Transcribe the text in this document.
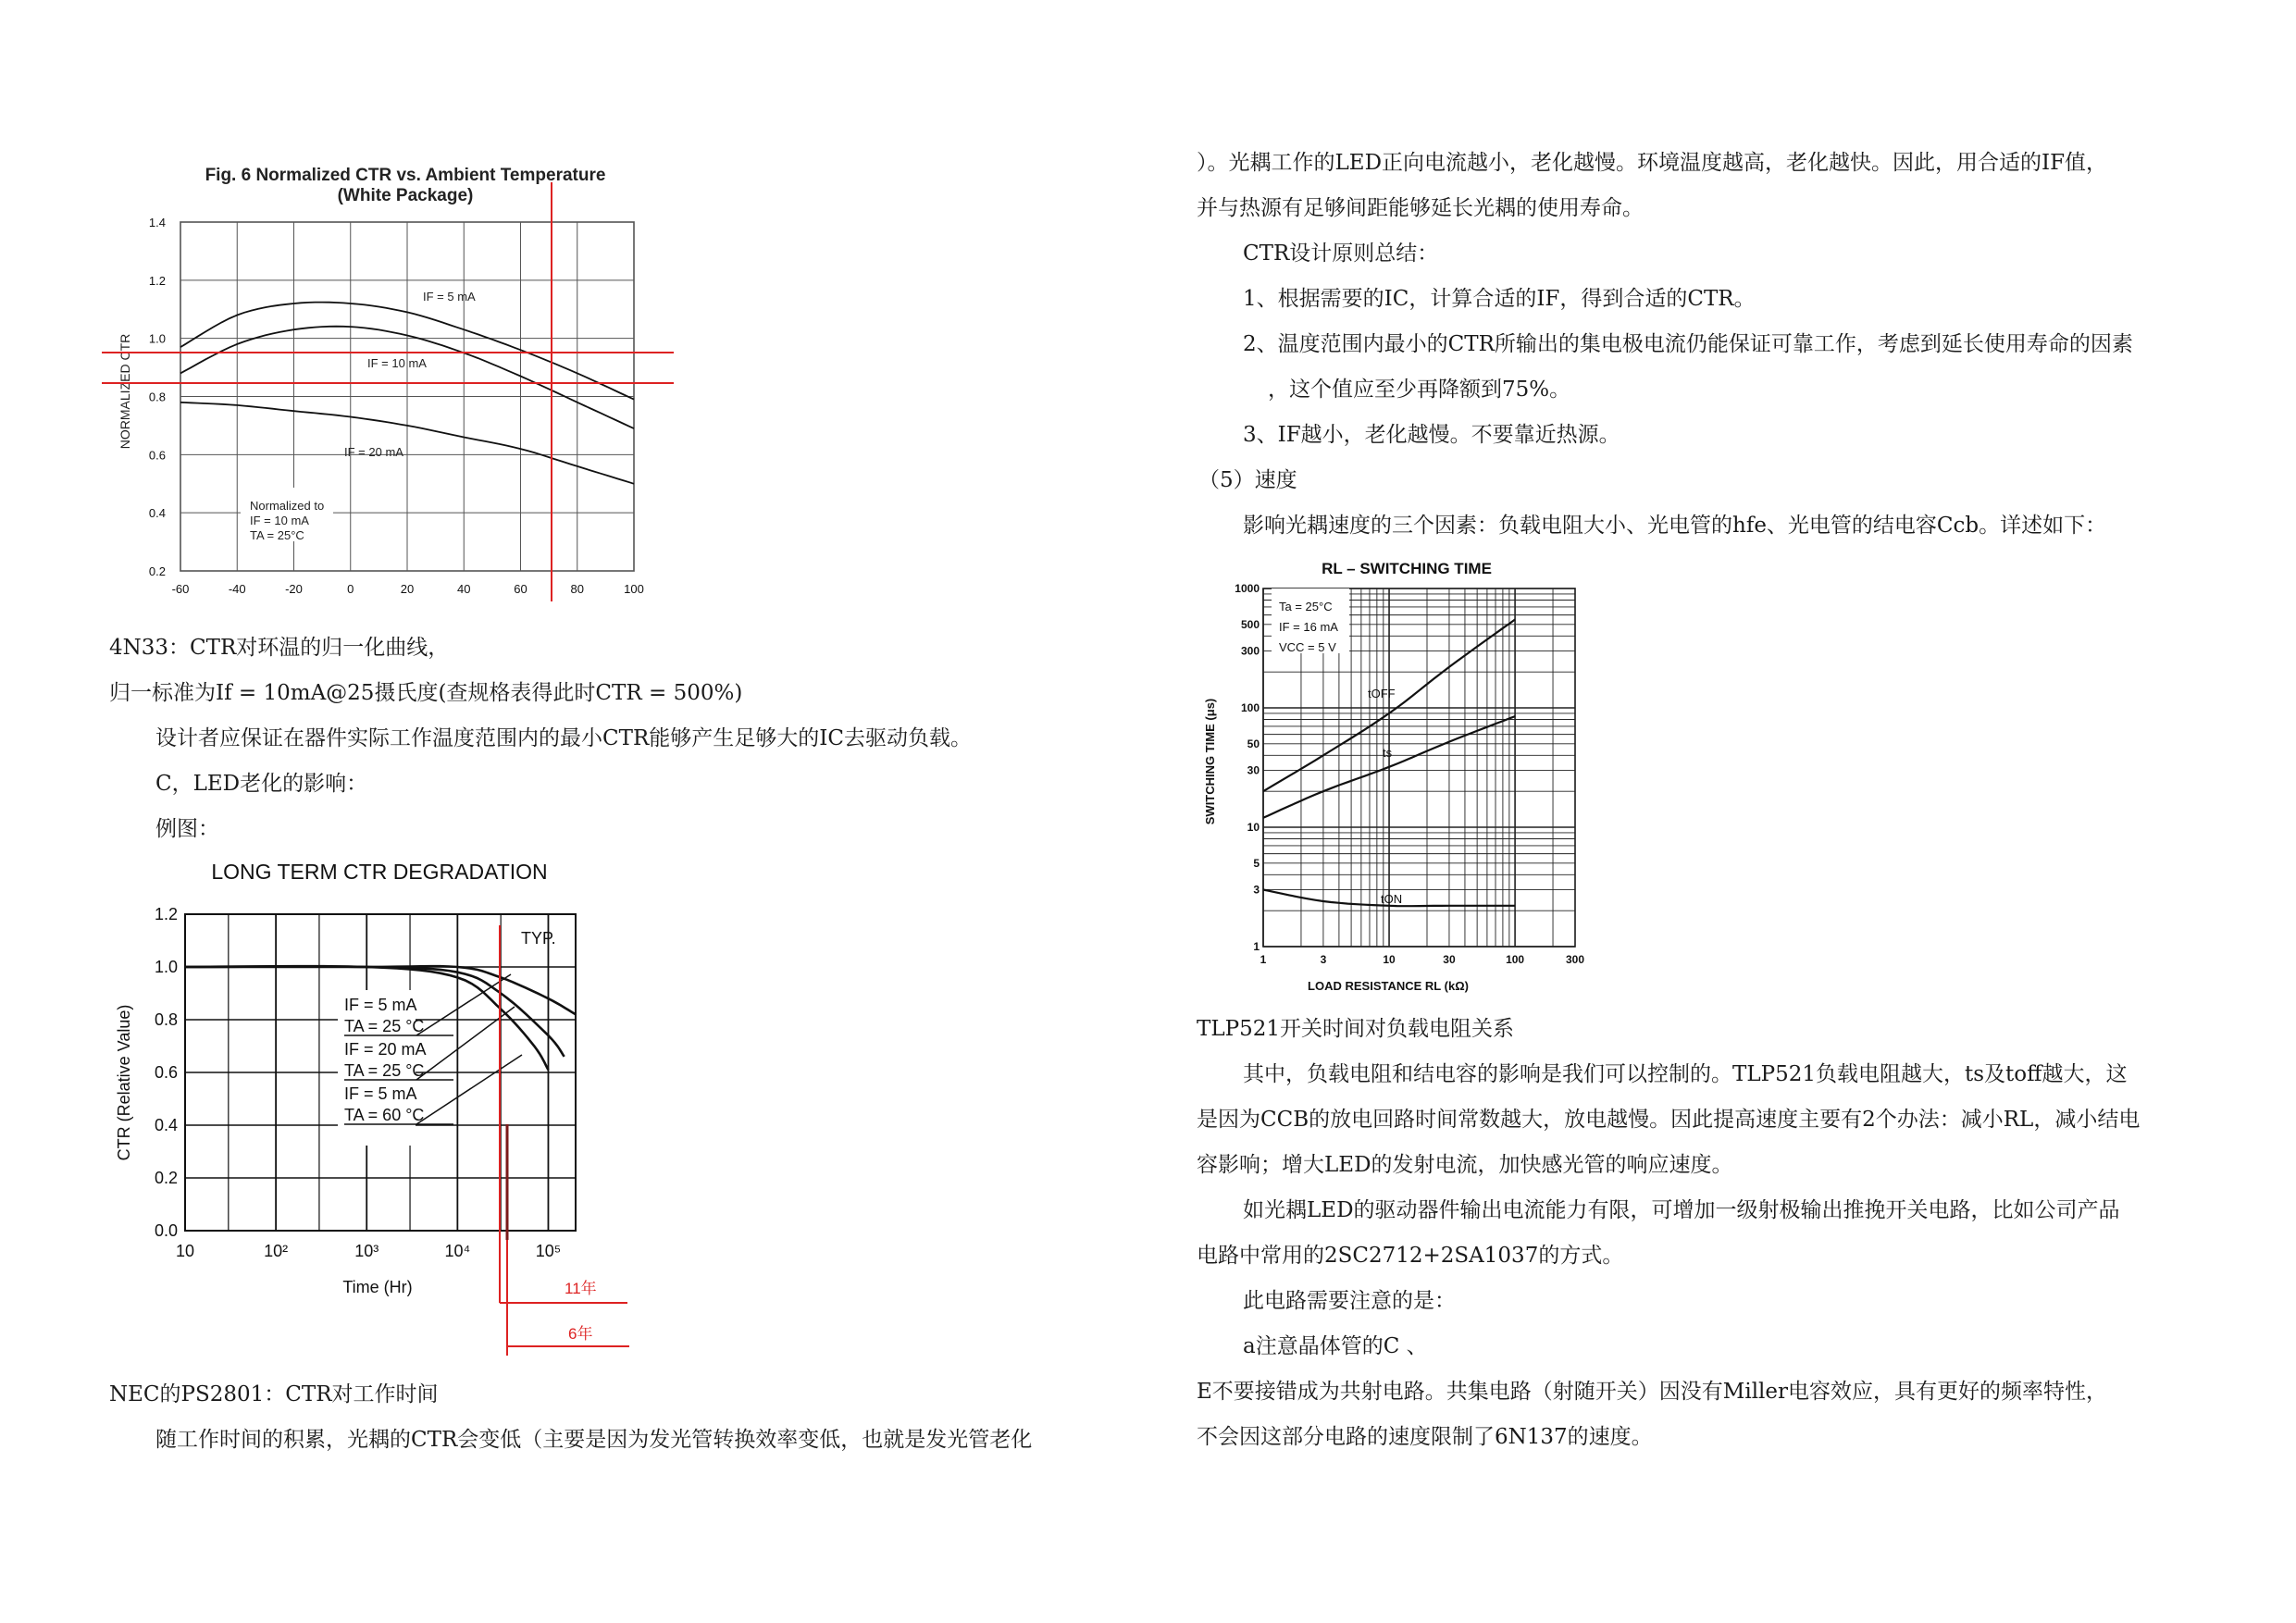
Fig. 6 Normalized CTR vs. Ambient Temperature
(White Package)
NORMALIZED CTR
-60	-40	-20	0	20	40	60	80	100
1.4
1.2
1.0
0.8
0.6
0.4
0.2
IF = 5 mA
IF = 10 mA
IF = 20 mA
Normalized to
IF = 10 mA
TA = 25°C
4N33：CTR对环温的归一化曲线，
归一标准为If = 10mA@25摄氏度(查规格表得此时CTR = 500%)
设计者应保证在器件实际工作温度范围内的最小CTR能够产生足够大的IC去驱动负载。
C，LED老化的影响：
例图：
LONG TERM CTR DEGRADATION
CTR (Relative Value)
Time (Hr)
TYP.
10	10²	10³	10⁴	10⁵
1.2
1.0
0.8
0.6
0.4
0.2
0.0
IF = 5 mA
TA = 25 °C
IF = 20 mA
TA = 25 °C
IF = 5 mA
TA = 60 °C
11年
6年
NEC的PS2801：CTR对工作时间
随工作时间的积累，光耦的CTR会变低（主要是因为发光管转换效率变低，也就是发光管老化
）。光耦工作的LED正向电流越小，老化越慢。环境温度越高，老化越快。因此，用合适的IF值，
并与热源有足够间距能够延长光耦的使用寿命。
CTR设计原则总结：
1、根据需要的IC，计算合适的IF，得到合适的CTR。
2、温度范围内最小的CTR所输出的集电极电流仍能保证可靠工作，考虑到延长使用寿命的因素
，这个值应至少再降额到75%。
3、IF越小，老化越慢。不要靠近热源。
（5）速度
影响光耦速度的三个因素：负载电阻大小、光电管的hfe、光电管的结电容Ccb。详述如下：
RL – SWITCHING TIME
SWITCHING TIME (μs)
LOAD RESISTANCE RL (kΩ)
1	3	10	30	100	300
1000
500
300
100
50
30
10
5
3
1
Ta = 25°C
IF = 16 mA
VCC = 5 V
tOFF
ts
tON
TLP521开关时间对负载电阻关系
其中，负载电阻和结电容的影响是我们可以控制的。TLP521负载电阻越大，ts及toff越大，这
是因为CCB的放电回路时间常数越大，放电越慢。因此提高速度主要有2个办法：减小RL，减小结电
容影响；增大LED的发射电流，加快感光管的响应速度。
如光耦LED的驱动器件输出电流能力有限，可增加一级射极输出推挽开关电路，比如公司产品
电路中常用的2SC2712+2SA1037的方式。
此电路需要注意的是：
a注意晶体管的C 、
E不要接错成为共射电路。共集电路（射随开关）因没有Miller电容效应，具有更好的频率特性，
不会因这部分电路的速度限制了6N137的速度。
